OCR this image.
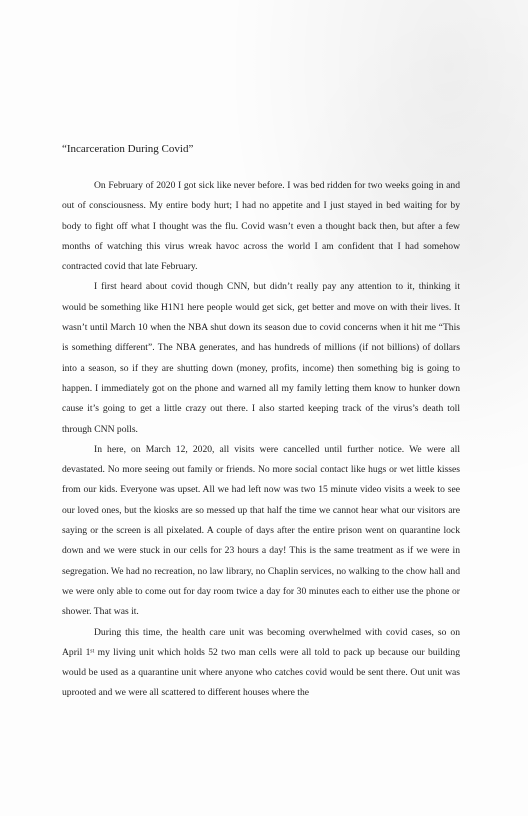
“Incarceration During Covid”

On February of 2020 I got sick like never before. I was bed ridden for two weeks going in and out of consciousness. My entire body hurt; I had no appetite and I just stayed in bed waiting for by body to fight off what I thought was the flu. Covid wasn’t even a thought back then, but after a few months of watching this virus wreak havoc across the world I am confident that I had somehow contracted covid that late February.

I first heard about covid though CNN, but didn’t really pay any attention to it, thinking it would be something like H1N1 here people would get sick, get better and move on with their lives. It wasn’t until March 10 when the NBA shut down its season due to covid concerns when it hit me “This is something different”. The NBA generates, and has hundreds of millions (if not billions) of dollars into a season, so if they are shutting down (money, profits, income) then something big is going to happen. I immediately got on the phone and warned all my family letting them know to hunker down cause it’s going to get a little crazy out there. I also started keeping track of the virus’s death toll through CNN polls.

In here, on March 12, 2020, all visits were cancelled until further notice. We were all devastated. No more seeing out family or friends. No more social contact like hugs or wet little kisses from our kids. Everyone was upset. All we had left now was two 15 minute video visits a week to see our loved ones, but the kiosks are so messed up that half the time we cannot hear what our visitors are saying or the screen is all pixelated. A couple of days after the entire prison went on quarantine lock down and we were stuck in our cells for 23 hours a day! This is the same treatment as if we were in segregation. We had no recreation, no law library, no Chaplin services, no walking to the chow hall and we were only able to come out for day room twice a day for 30 minutes each to either use the phone or shower. That was it.

During this time, the health care unit was becoming overwhelmed with covid cases, so on April 1ˢᵗ my living unit which holds 52 two man cells were all told to pack up because our building would be used as a quarantine unit where anyone who catches covid would be sent there. Out unit was uprooted and we were all scattered to different houses where the
